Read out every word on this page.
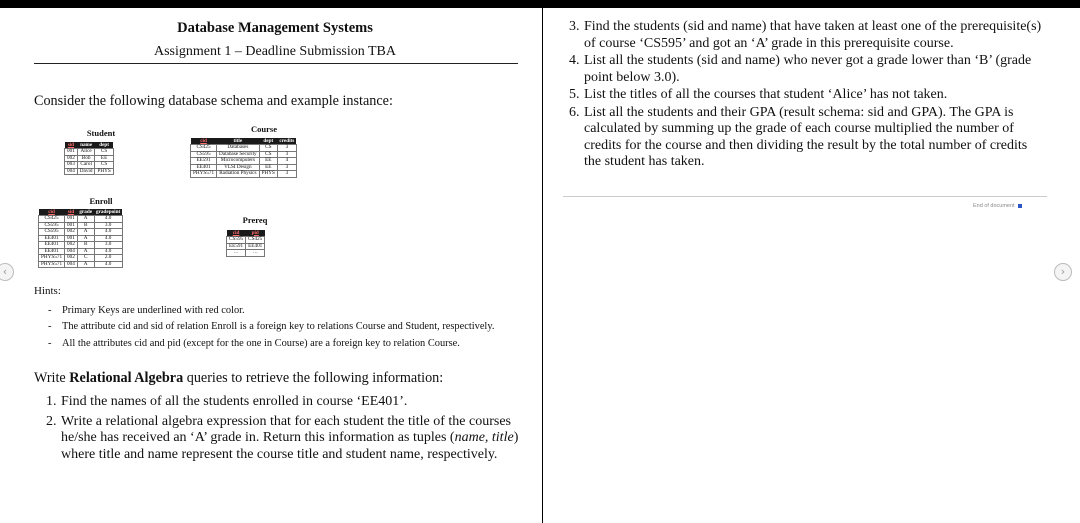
Database Management Systems
Assignment 1 – Deadline Submission TBA
Consider the following database schema and example instance:
Student
sid	name	dept
001	Alice	CS
002	Bob	EE
003	Carol	CS
004	David	PHYS
Course
cid	title	dept	credits
CS425	Databases	CS	3
CS595	Database Security	CS	3
EE591	Microcomputers	EE	4
EE401	VLSI Design	EE	3
PHYS571	Radiation Physics	PHYS	3
Enroll
cid	sid	grade	gradepoint
CS425	001	A	4.0
CS595	001	B	3.0
CS595	002	A	4.0
EE401	001	A	4.0
EE401	002	B	3.0
EE401	004	A	4.0
PHYS571	002	C	2.0
PHYS571	004	A	4.0
Prereq
cid	pid
CS595	CS425
EE591	EE401
…	…
Hints:
- Primary Keys are underlined with red color.
- The attribute cid and sid of relation Enroll is a foreign key to relations Course and Student, respectively.
- All the attributes cid and pid (except for the one in Course) are a foreign key to relation Course.
Write Relational Algebra queries to retrieve the following information:
1. Find the names of all the students enrolled in course ‘EE401’.
2. Write a relational algebra expression that for each student the title of the courses he/she has received an ‘A’ grade in. Return this information as tuples (name, title) where title and name represent the course title and student name, respectively.
‹
3. Find the students (sid and name) that have taken at least one of the prerequisite(s) of course ‘CS595’ and got an ‘A’ grade in this prerequisite course.
4. List all the students (sid and name) who never got a grade lower than ‘B’ (grade point below 3.0).
5. List the titles of all the courses that student ‘Alice’ has not taken.
6. List all the students and their GPA (result schema: sid and GPA). The GPA is calculated by summing up the grade of each course multiplied the number of credits for the course and then dividing the result by the total number of credits the student has taken.
End of document
›
